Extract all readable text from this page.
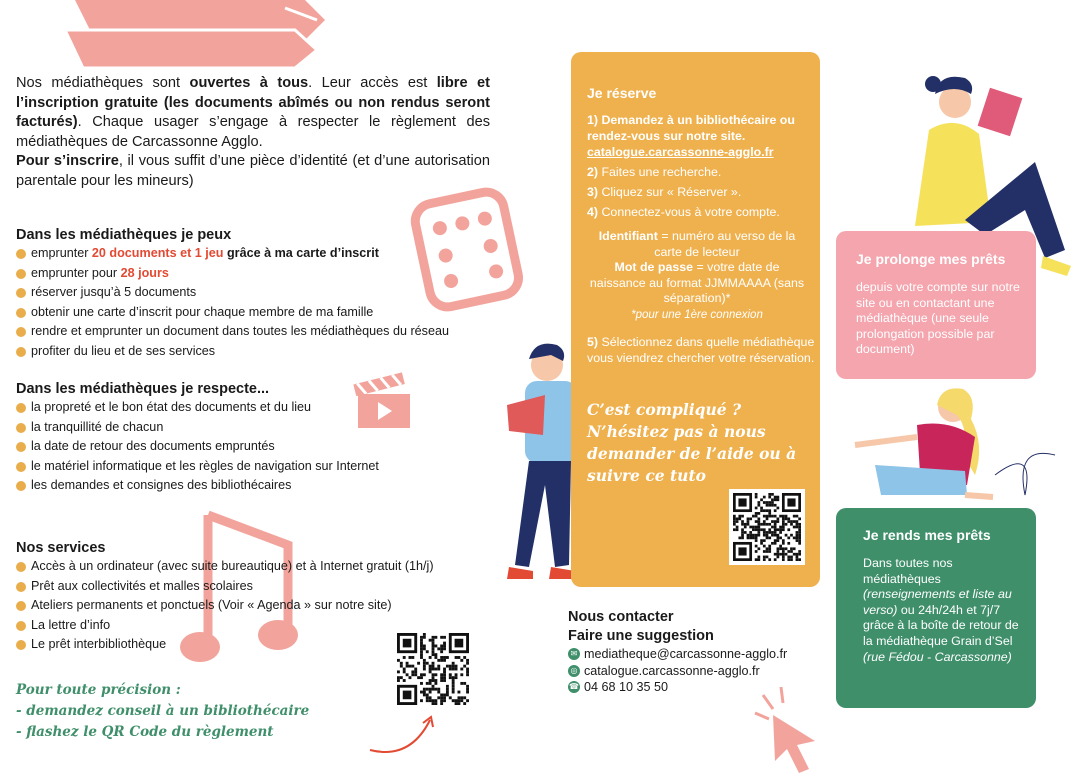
Nos médiathèques sont ouvertes à tous. Leur accès est libre et l’inscription gratuite (les documents abîmés ou non rendus seront facturés). Chaque usager s’engage à respecter le règlement des médiathèques de Carcassonne Agglo.

Pour s’inscrire, il vous suffit d’une pièce d’identité (et d’une autorisation parentale pour les mineurs)

Dans les médiathèques je peux
emprunter 20 documents et 1 jeu grâce à ma carte d’inscrit
emprunter pour 28 jours
réserver jusqu’à 5 documents
obtenir une carte d’inscrit pour chaque membre de ma famille
rendre et emprunter un document dans toutes les médiathèques du réseau
profiter du lieu et de ses services
Dans les médiathèques je respecte...
la propreté et le bon état des documents et du lieu
la tranquillité de chacun
la date de retour des documents empruntés
le matériel informatique et les règles de navigation sur Internet
les demandes et consignes des bibliothécaires
Nos services
Accès à un ordinateur (avec suite bureautique) et à Internet gratuit (1h/j)
Prêt aux collectivités et malles scolaires
Ateliers permanents et ponctuels (Voir « Agenda » sur notre site)
La lettre d’info
Le prêt interbibliothèque
Pour toute précision :
- demandez conseil à un bibliothécaire
- flashez le QR Code du règlement
Je réserve

1) Demandez à un bibliothécaire ou rendez-vous sur notre site.
catalogue.carcassonne-agglo.fr

2) Faites une recherche.

3) Cliquez sur « Réserver ».

4) Connectez-vous à votre compte.

Identifiant = numéro au verso de la carte de lecteur
Mot de passe = votre date de naissance au format JJMMAAAA (sans séparation)*
*pour une 1ère connexion
5) Sélectionnez dans quelle médiathèque vous viendrez chercher votre réservation.
C’est compliqué ?
N’hésitez pas à nous
demander de l’aide ou à
suivre ce tuto
Nous contacter
Faire une suggestion
✉ mediatheque@carcassonne-agglo.fr
◎ catalogue.carcassonne-agglo.fr
☎ 04 68 10 35 50
Je prolonge mes prêts
depuis votre compte sur notre site ou en contactant une médiathèque (une seule prolongation possible par document)
Je rends mes prêts
Dans toutes nos médiathèques (renseignements et liste au verso) ou 24h/24h et 7j/7 grâce à la boîte de retour de la médiathèque Grain d’Sel (rue Fédou - Carcassonne)
